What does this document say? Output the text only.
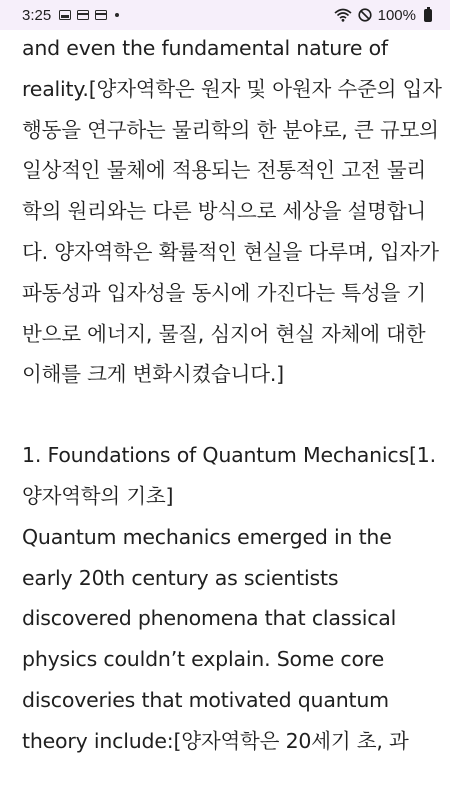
3:25	100%

and even the fundamental nature of reality.[양자역학은 원자 및 아원자 수준의 입자 행동을 연구하는 물리학의 한 분야로, 큰 규모의 일상적인 물체에 적용되는 전통적인 고전 물리학의 원리와는 다른 방식으로 세상을 설명합니다. 양자역학은 확률적인 현실을 다루며, 입자가 파동성과 입자성을 동시에 가진다는 특성을 기반으로 에너지, 물질, 심지어 현실 자체에 대한 이해를 크게 변화시켰습니다.]

1. Foundations of Quantum Mechanics[1. 양자역학의 기초]

Quantum mechanics emerged in the early 20th century as scientists discovered phenomena that classical physics couldn’t explain. Some core discoveries that motivated quantum theory include:[양자역학은 20세기 초, 과
